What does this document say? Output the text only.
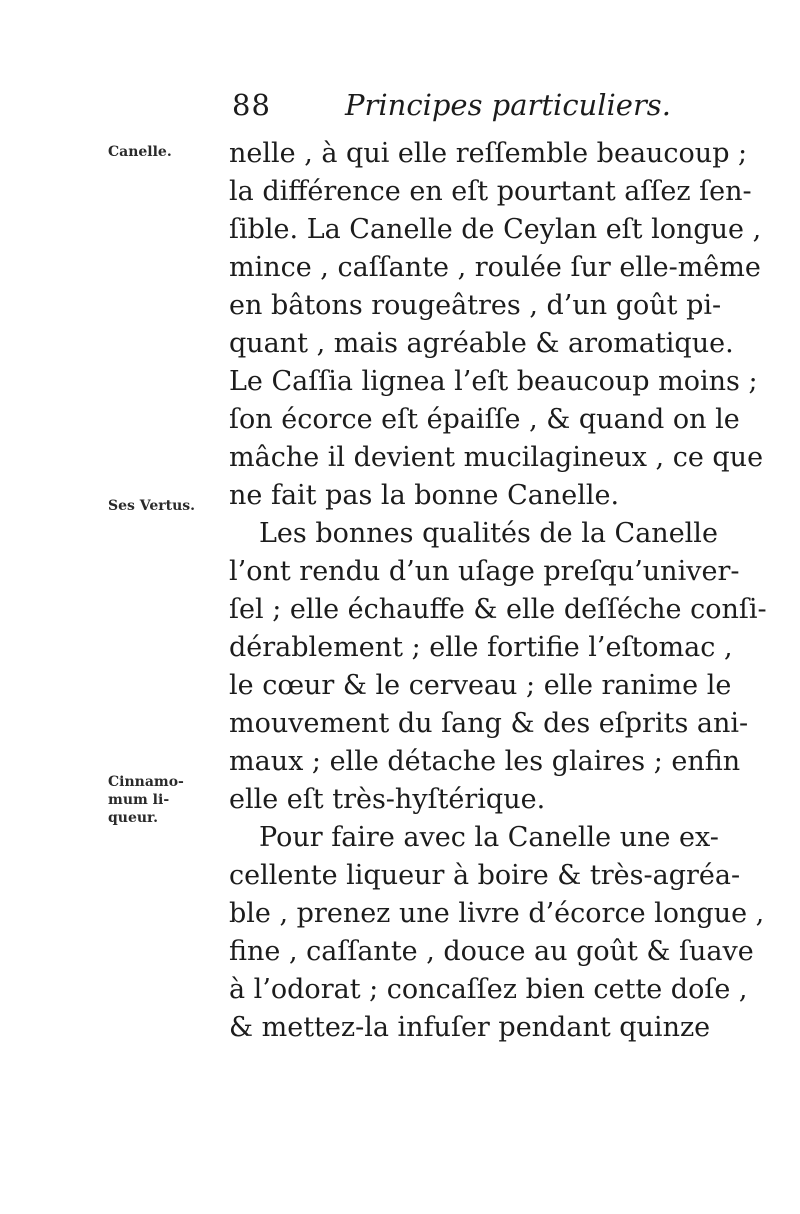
88	Principes particuliers.
Canelle.
Ses Vertus.
Cinnamo-
mum li-
queur.
nelle , à qui elle reſſemble beaucoup ;
la différence en eſt pourtant aſſez ſen-
ſible. La Canelle de Ceylan eſt longue ,
mince , caſſante , roulée ſur elle-même
en bâtons rougeâtres , d’un goût pi-
quant , mais agréable & aromatique.
Le Caſſia lignea l’eſt beaucoup moins ;
ſon écorce eſt épaiſſe , & quand on le
mâche il devient mucilagineux , ce que
ne fait pas la bonne Canelle.
Les bonnes qualités de la Canelle
l’ont rendu d’un uſage preſqu’univer-
ſel ; elle échauffe & elle deſſéche conſi-
dérablement ; elle fortifie l’eſtomac ,
le cœur & le cerveau ; elle ranime le
mouvement du ſang & des eſprits ani-
maux ; elle détache les glaires ; enfin
elle eſt très-hyſtérique.
Pour faire avec la Canelle une ex-
cellente liqueur à boire & très-agréa-
ble , prenez une livre d’écorce longue ,
fine , caſſante , douce au goût & ſuave
à l’odorat ; concaſſez bien cette doſe ,
& mettez-la infuſer pendant quinze
